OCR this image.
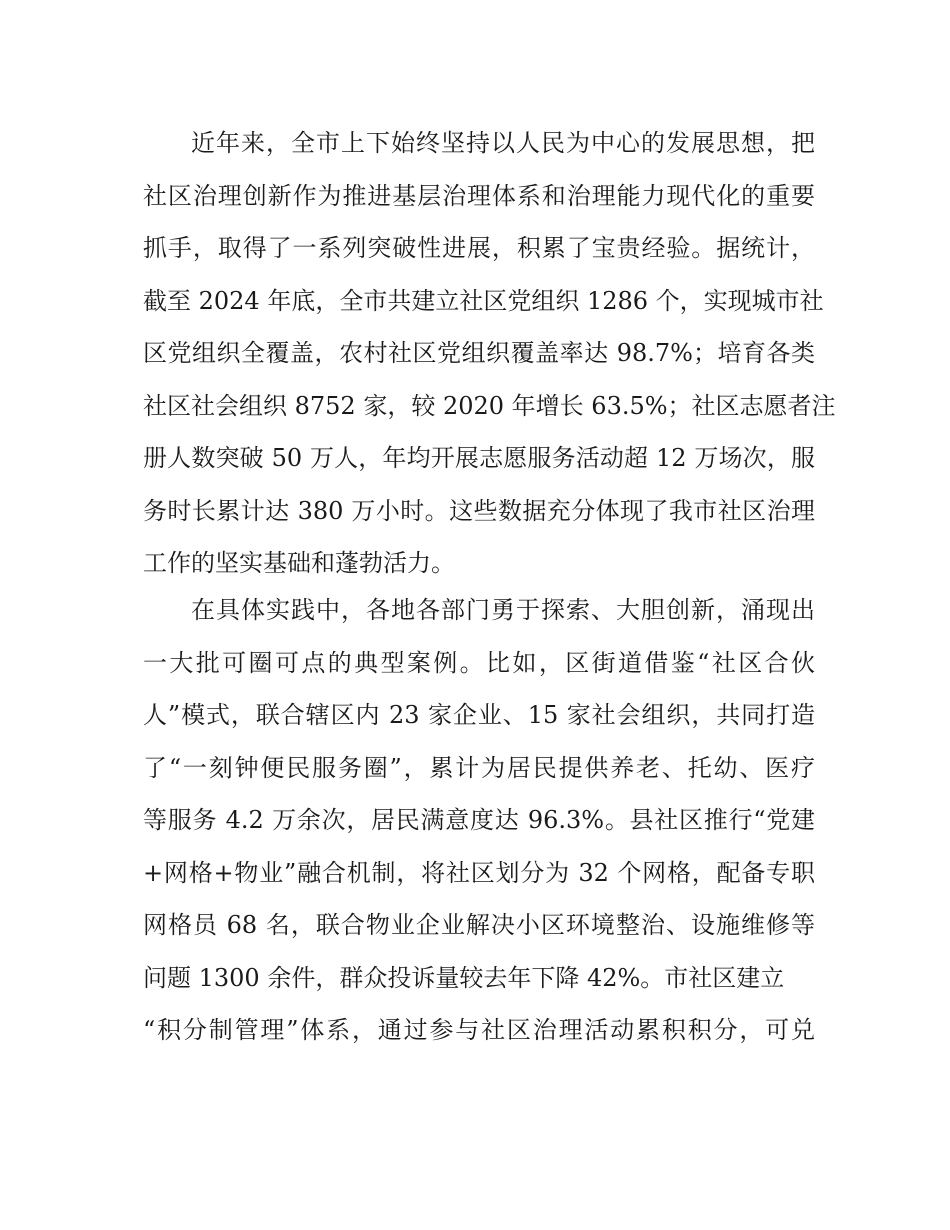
近年来，全市上下始终坚持以人民为中心的发展思想，把
社区治理创新作为推进基层治理体系和治理能力现代化的重要
抓手，取得了一系列突破性进展，积累了宝贵经验。据统计，
截至 2024 年底，全市共建立社区党组织 1286 个，实现城市社
区党组织全覆盖，农村社区党组织覆盖率达 98.7%；培育各类
社区社会组织 8752 家，较 2020 年增长 63.5%；社区志愿者注
册人数突破 50 万人，年均开展志愿服务活动超 12 万场次，服
务时长累计达 380 万小时。这些数据充分体现了我市社区治理
工作的坚实基础和蓬勃活力。
在具体实践中，各地各部门勇于探索、大胆创新，涌现出
一大批可圈可点的典型案例。比如，区街道借鉴“社区合伙
人”模式，联合辖区内 23 家企业、15 家社会组织，共同打造
了“一刻钟便民服务圈”，累计为居民提供养老、托幼、医疗
等服务 4.2 万余次，居民满意度达 96.3%。县社区推行“党建
+网格+物业”融合机制，将社区划分为 32 个网格，配备专职
网格员 68 名，联合物业企业解决小区环境整治、设施维修等
问题 1300 余件，群众投诉量较去年下降 42%。市社区建立
“积分制管理”体系，通过参与社区治理活动累积积分，可兑
